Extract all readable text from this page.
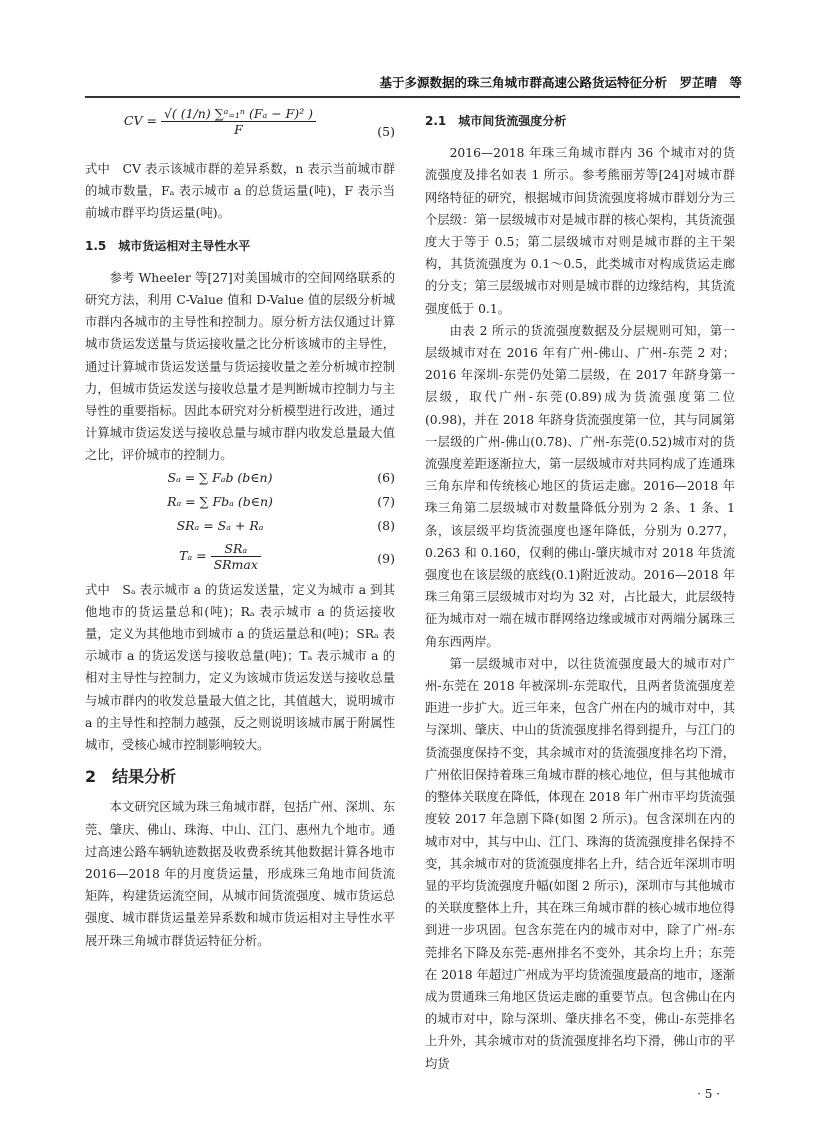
基于多源数据的珠三角城市群高速公路货运特征分析　罗芷晴　等
CV = $\frac{\text{√( (1/n) ∑ᵃ₌₁ⁿ (Fₐ − F)² )}}{F}$	(5)

式中　CV 表示该城市群的差异系数，n 表示当前城市群的城市数量，Fₐ 表示城市 a 的总货运量(吨)，F 表示当前城市群平均货运量(吨)。

1.5　城市货运相对主导性水平

参考 Wheeler 等[27]对美国城市的空间网络联系的研究方法，利用 C-Value 值和 D-Value 值的层级分析城市群内各城市的主导性和控制力。原分析方法仅通过计算城市货运发送量与货运接收量之比分析该城市的主导性，通过计算城市货运发送量与货运接收量之差分析城市控制力，但城市货运发送与接收总量才是判断城市控制力与主导性的重要指标。因此本研究对分析模型进行改进，通过计算城市货运发送与接收总量与城市群内收发总量最大值之比，评价城市的控制力。

Sₐ = ∑ Fₐb (b∈n)	(6)
Rₐ = ∑ Fbₐ (b∈n)	(7)
SRₐ = Sₐ + Rₐ	(8)
$T_a = \frac{\text{SRₐ}}{SRmax}$	(9)

式中　Sₐ 表示城市 a 的货运发送量，定义为城市 a 到其他地市的货运量总和(吨)；Rₐ 表示城市 a 的货运接收量，定义为其他地市到城市 a 的货运量总和(吨)；SRₐ 表示城市 a 的货运发送与接收总量(吨)；Tₐ 表示城市 a 的相对主导性与控制力，定义为该城市货运发送与接收总量与城市群内的收发总量最大值之比，其值越大，说明城市 a 的主导性和控制力越强，反之则说明该城市属于附属性城市，受核心城市控制影响较大。

2　结果分析

本文研究区域为珠三角城市群，包括广州、深圳、东莞、肇庆、佛山、珠海、中山、江门、惠州九个地市。通过高速公路车辆轨迹数据及收费系统其他数据计算各地市 2016—2018 年的月度货运量，形成珠三角地市间货流矩阵，构建货运流空间，从城市间货流强度、城市货运总强度、城市群货运量差异系数和城市货运相对主导性水平展开珠三角城市群货运特征分析。

2.1　城市间货流强度分析

2016—2018 年珠三角城市群内 36 个城市对的货流强度及排名如表 1 所示。参考熊丽芳等[24]对城市群网络特征的研究，根据城市间货流强度将城市群划分为三个层级：第一层级城市对是城市群的核心架构，其货流强度大于等于 0.5；第二层级城市对则是城市群的主干架构，其货流强度为 0.1～0.5，此类城市对构成货运走廊的分支；第三层级城市对则是城市群的边缘结构，其货流强度低于 0.1。

由表 2 所示的货流强度数据及分层规则可知，第一层级城市对在 2016 年有广州-佛山、广州-东莞 2 对；2016 年深圳-东莞仍处第二层级，在 2017 年跻身第一层级，取代广州-东莞(0.89)成为货流强度第二位(0.98)，并在 2018 年跻身货流强度第一位，其与同属第一层级的广州-佛山(0.78)、广州-东莞(0.52)城市对的货流强度差距逐渐拉大，第一层级城市对共同构成了连通珠三角东岸和传统核心地区的货运走廊。2016—2018 年珠三角第二层级城市对数量降低分别为 2 条、1 条、1 条，该层级平均货流强度也逐年降低，分别为 0.277，0.263 和 0.160，仅剩的佛山-肇庆城市对 2018 年货流强度也在该层级的底线(0.1)附近波动。2016—2018 年珠三角第三层级城市对均为 32 对，占比最大，此层级特征为城市对一端在城市群网络边缘或城市对两端分属珠三角东西两岸。

第一层级城市对中，以往货流强度最大的城市对广州-东莞在 2018 年被深圳-东莞取代，且两者货流强度差距进一步扩大。近三年来，包含广州在内的城市对中，其与深圳、肇庆、中山的货流强度排名得到提升，与江门的货流强度保持不变，其余城市对的货流强度排名均下滑，广州依旧保持着珠三角城市群的核心地位，但与其他城市的整体关联度在降低，体现在 2018 年广州市平均货流强度较 2017 年急剧下降(如图 2 所示)。包含深圳在内的城市对中，其与中山、江门、珠海的货流强度排名保持不变，其余城市对的货流强度排名上升，结合近年深圳市明显的平均货流强度升幅(如图 2 所示)，深圳市与其他城市的关联度整体上升，其在珠三角城市群的核心城市地位得到进一步巩固。包含东莞在内的城市对中，除了广州-东莞排名下降及东莞-惠州排名不变外，其余均上升；东莞在 2018 年超过广州成为平均货流强度最高的地市，逐渐成为贯通珠三角地区货运走廊的重要节点。包含佛山在内的城市对中，除与深圳、肇庆排名不变，佛山-东莞排名上升外，其余城市对的货流强度排名均下滑，佛山市的平均货

· 5 ·
